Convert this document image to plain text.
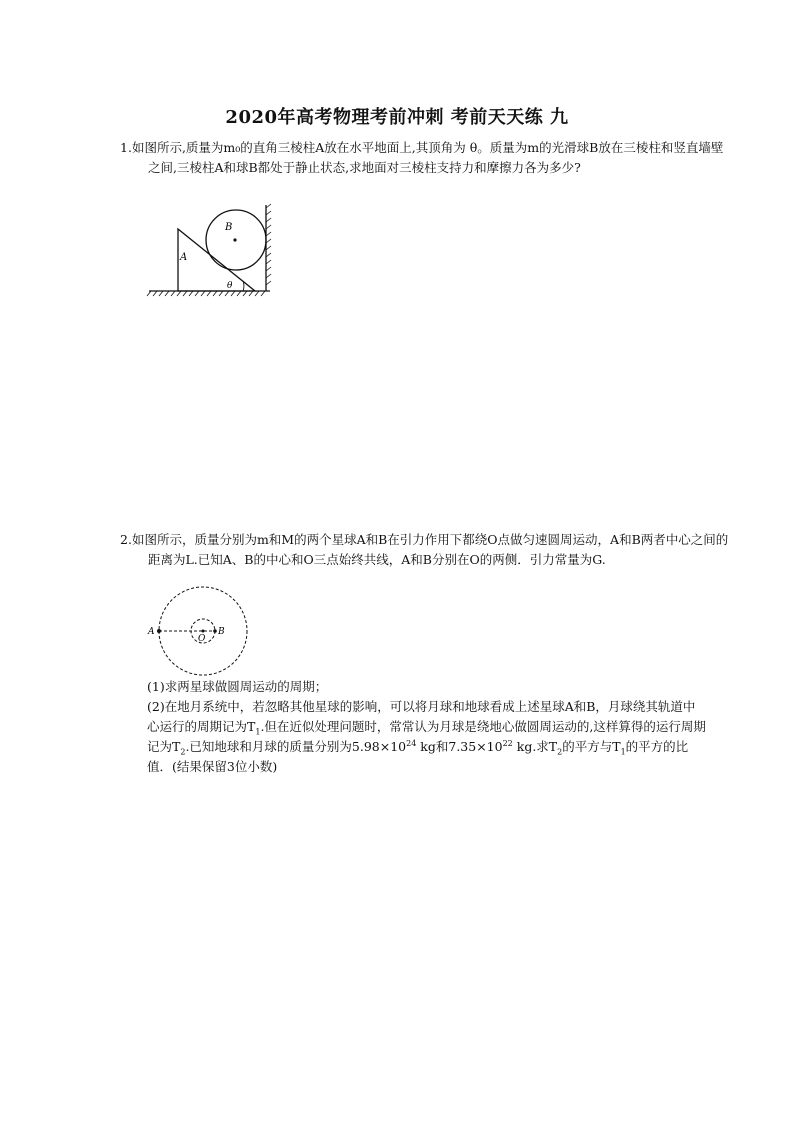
2020年高考物理考前冲刺 考前天天练 九
1.如图所示,质量为m₀的直角三棱柱A放在水平地面上,其顶角为 θ。质量为m的光滑球B放在三棱柱和竖直墙壁之间,三棱柱A和球B都处于静止状态,求地面对三棱柱支持力和摩擦力各为多少?
B
A
θ
2.如图所示，质量分别为m和M的两个星球A和B在引力作用下都绕O点做匀速圆周运动，A和B两者中心之间的距离为L.已知A、B的中心和O三点始终共线，A和B分别在O的两侧．引力常量为G.
A
O
B
(1)求两星球做圆周运动的周期；
(2)在地月系统中，若忽略其他星球的影响，可以将月球和地球看成上述星球A和B，月球绕其轨道中心运行的周期记为$T_1$.但在近似处理问题时，常常认为月球是绕地心做圆周运动的,这样算得的运行周期记为$T_2$.已知地球和月球的质量分别为$5.98\times 10^{24}$ kg和$7.35\times 10^{22}$ kg.求$T_2$的平方与$T_1$的平方的比值．(结果保留3位小数)
